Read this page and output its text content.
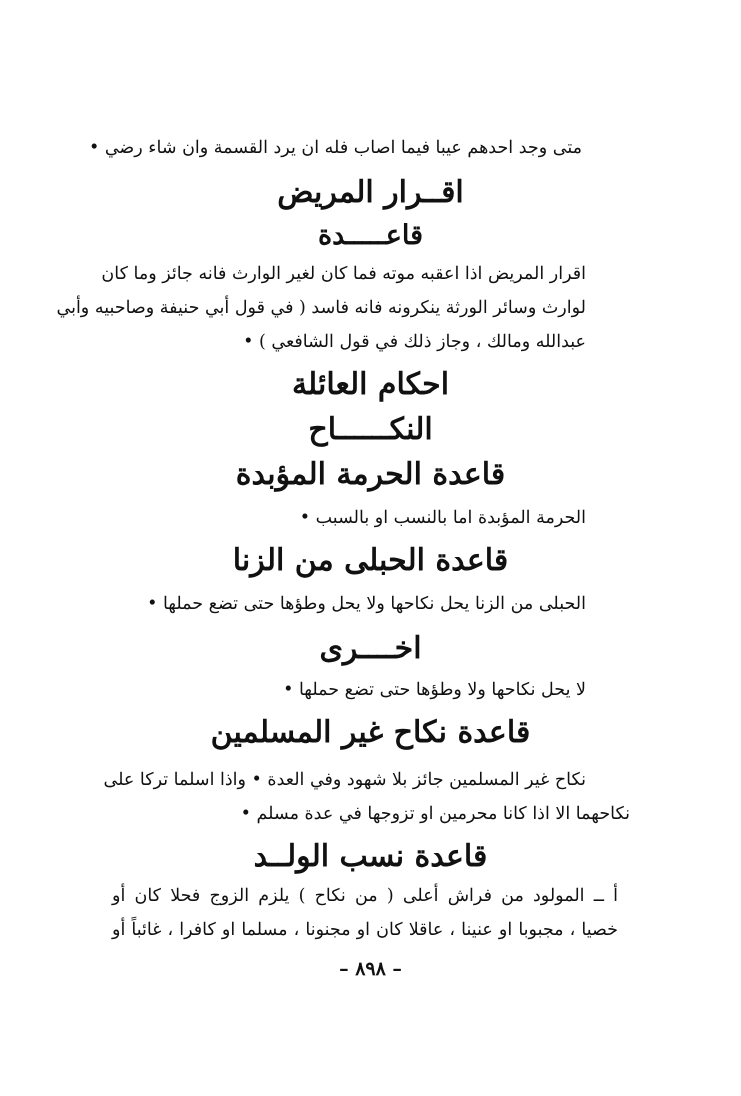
متى وجد احدهم عيبا فيما اصاب فله ان يرد القسمة وان شاء رضي •
اقــرار المريض
قاعـــــدة
اقرار المريض اذا اعقبه موته فما كان لغير الوارث فانه جائز وما كان
لوارث وسائر الورثة ينكرونه فانه فاسد ( في قول أبي حنيفة وصاحبيه وأبي
عبدالله ومالك ، وجاز ذلك في قول الشافعي ) •
احكام العائلة
النكــــــاح
قاعدة الحرمة المؤبدة
الحرمة المؤبدة اما بالنسب او بالسبب •
قاعدة الحبلى من الزنا
الحبلى من الزنا يحل نكاحها ولا يحل وطؤها حتى تضع حملها •
اخــــرى
لا يحل نكاحها ولا وطؤها حتى تضع حملها •
قاعدة نكاح غير المسلمين
نكاح غير المسلمين جائز بلا شهود وفي العدة • واذا اسلما تركا على
نكاحهما الا اذا كانا محرمين او تزوجها في عدة مسلم •
قاعدة نسب الولــد
أ ــ المولود من فراش أعلى ( من نكاح ) يلزم الزوج فحلا كان أو
خصيا ، مجبوبا او عنينا ، عاقلا كان او مجنونا ، مسلما او كافرا ، غائباً أو
– ٨٩٨ –
